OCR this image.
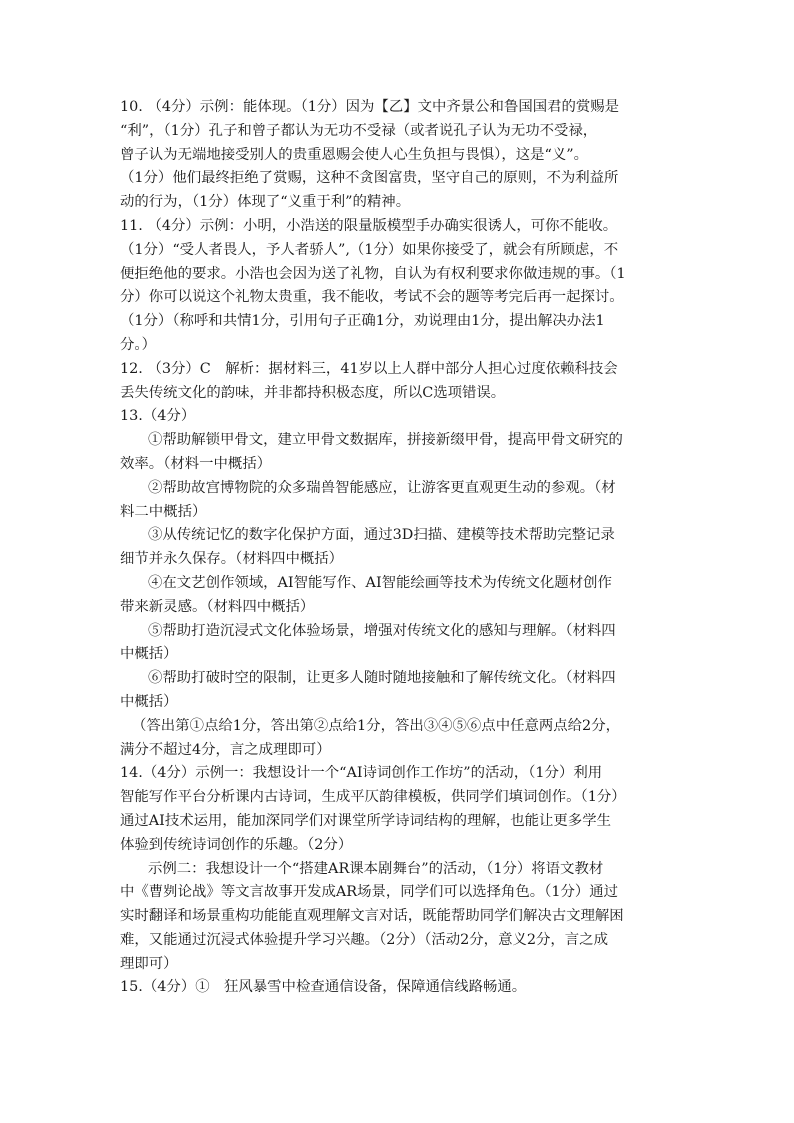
10. （4分）示例：能体现。（1分）因为【乙】文中齐景公和鲁国国君的赏赐是
“利”，（1分）孔子和曾子都认为无功不受禄（或者说孔子认为无功不受禄，
曾子认为无端地接受别人的贵重恩赐会使人心生负担与畏惧），这是“义”。
（1分）他们最终拒绝了赏赐，这种不贪图富贵，坚守自己的原则，不为利益所
动的行为，（1分）体现了“义重于利”的精神。
11. （4分）示例：小明，小浩送的限量版模型手办确实很诱人，可你不能收。
（1分）“受人者畏人，予人者骄人”,（1分）如果你接受了，就会有所顾虑，不
便拒绝他的要求。小浩也会因为送了礼物，自认为有权利要求你做违规的事。（1
分）你可以说这个礼物太贵重，我不能收，考试不会的题等考完后再一起探讨。
（1分）（称呼和共情1分，引用句子正确1分，劝说理由1分，提出解决办法1
分。）
12. （3分）C　解析：据材料三，41岁以上人群中部分人担心过度依赖科技会
丢失传统文化的韵味，并非都持积极态度，所以C选项错误。
13.（4分）
①帮助解锁甲骨文，建立甲骨文数据库，拼接新缀甲骨，提高甲骨文研究的
效率。（材料一中概括）
②帮助故宫博物院的众多瑞兽智能感应，让游客更直观更生动的参观。（材
料二中概括）
③从传统记忆的数字化保护方面，通过3D扫描、建模等技术帮助完整记录
细节并永久保存。（材料四中概括）
④在文艺创作领域，AI智能写作、AI智能绘画等技术为传统文化题材创作
带来新灵感。（材料四中概括）
⑤帮助打造沉浸式文化体验场景，增强对传统文化的感知与理解。（材料四
中概括）
⑥帮助打破时空的限制，让更多人随时随地接触和了解传统文化。（材料四
中概括）
（答出第①点给1分，答出第②点给1分，答出③④⑤⑥点中任意两点给2分，
满分不超过4分，言之成理即可）
14.（4分）示例一：我想设计一个“AI诗词创作工作坊”的活动，（1分）利用
智能写作平台分析课内古诗词，生成平仄韵律模板，供同学们填词创作。（1分）
通过AI技术运用，能加深同学们对课堂所学诗词结构的理解，也能让更多学生
体验到传统诗词创作的乐趣。（2分）
示例二：我想设计一个“搭建AR课本剧舞台”的活动，（1分）将语文教材
中《曹刿论战》等文言故事开发成AR场景，同学们可以选择角色。（1分）通过
实时翻译和场景重构功能能直观理解文言对话，既能帮助同学们解决古文理解困
难，又能通过沉浸式体验提升学习兴趣。（2分）（活动2分，意义2分，言之成
理即可）
15.（4分）①　狂风暴雪中检查通信设备，保障通信线路畅通。
